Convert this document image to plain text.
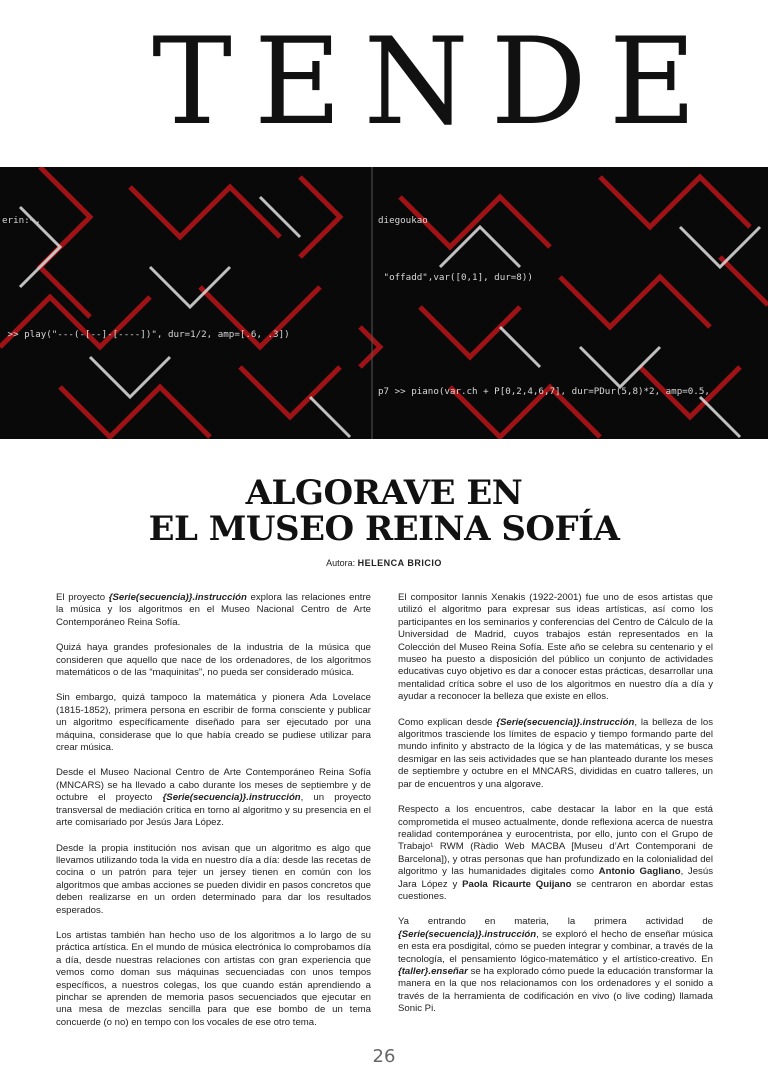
TENDE

erin:~,

>> play("---(-[--]-[----])", dur=1/2, amp=[.6, .3])

diegoukao

"offadd",var([0,1], dur=8))

p7 >> piano(var.ch + P[0,2,4,6,7], dur=PDur(5,8)*2, amp=0.5,

ALGORAVE EN
EL MUSEO REINA SOFÍA
Autora: HELENCA BRICIO

El proyecto {Serie(secuencia)}.instrucción explora las relaciones entre la música y los algoritmos en el Museo Nacional Centro de Arte Contemporáneo Reina Sofía.

Quizá haya grandes profesionales de la industria de la música que consideren que aquello que nace de los ordenadores, de los algoritmos matemáticos o de las “maquinitas”, no pueda ser considerado música.

Sin embargo, quizá tampoco la matemática y pionera Ada Lovelace (1815-1852), primera persona en escribir de forma consciente y publicar un algoritmo específicamente diseñado para ser ejecutado por una máquina, considerase que lo que había creado se pudiese utilizar para crear música.

Desde el Museo Nacional Centro de Arte Contemporáneo Reina Sofía (MNCARS) se ha llevado a cabo durante los meses de septiembre y de octubre el proyecto {Serie(secuencia)}.instrucción, un proyecto transversal de mediación crítica en torno al algoritmo y su presencia en el arte comisariado por Jesús Jara López.

Desde la propia institución nos avisan que un algoritmo es algo que llevamos utilizando toda la vida en nuestro día a día: desde las recetas de cocina o un patrón para tejer un jersey tienen en común con los algoritmos que ambas acciones se pueden dividir en pasos concretos que deben realizarse en un orden determinado para dar los resultados esperados.

Los artistas también han hecho uso de los algoritmos a lo largo de su práctica artística. En el mundo de música electrónica lo comprobamos día a día, desde nuestras relaciones con artistas con gran experiencia que vemos como doman sus máquinas secuenciadas con unos tempos específicos, a nuestros colegas, los que cuando están aprendiendo a pinchar se aprenden de memoria pasos secuenciados que ejecutar en una mesa de mezclas sencilla para que ese bombo de un tema concuerde (o no) en tempo con los vocales de ese otro tema.

El compositor Iannis Xenakis (1922-2001) fue uno de esos artistas que utilizó el algoritmo para expresar sus ideas artísticas, así como los participantes en los seminarios y conferencias del Centro de Cálculo de la Universidad de Madrid, cuyos trabajos están representados en la Colección del Museo Reina Sofía. Este año se celebra su centenario y el museo ha puesto a disposición del público un conjunto de actividades educativas cuyo objetivo es dar a conocer estas prácticas, desarrollar una mentalidad crítica sobre el uso de los algoritmos en nuestro día a día y ayudar a reconocer la belleza que existe en ellos.

Como explican desde {Serie(secuencia)}.instrucción, la belleza de los algoritmos trasciende los límites de espacio y tiempo formando parte del mundo infinito y abstracto de la lógica y de las matemáticas, y se busca desmigar en las seis actividades que se han planteado durante los meses de septiembre y octubre en el MNCARS, divididas en cuatro talleres, un par de encuentros y una algorave.

Respecto a los encuentros, cabe destacar la labor en la que está comprometida el museo actualmente, donde reflexiona acerca de nuestra realidad contemporánea y eurocentrista, por ello, junto con el Grupo de Trabajo¹ RWM (Ràdio Web MACBA [Museu d’Art Contemporani de Barcelona]), y otras personas que han profundizado en la colonialidad del algoritmo y las humanidades digitales como Antonio Gagliano, Jesús Jara López y Paola Ricaurte Quijano se centraron en abordar estas cuestiones.

Ya entrando en materia, la primera actividad de {Serie(secuencia)}.instrucción, se exploró el hecho de enseñar música en esta era posdigital, cómo se pueden integrar y combinar, a través de la tecnología, el pensamiento lógico-matemático y el artístico-creativo. En {taller}.enseñar se ha explorado cómo puede la educación transformar la manera en la que nos relacionamos con los ordenadores y el sonido a través de la herramienta de codificación en vivo (o live coding) llamada Sonic Pi.

26
